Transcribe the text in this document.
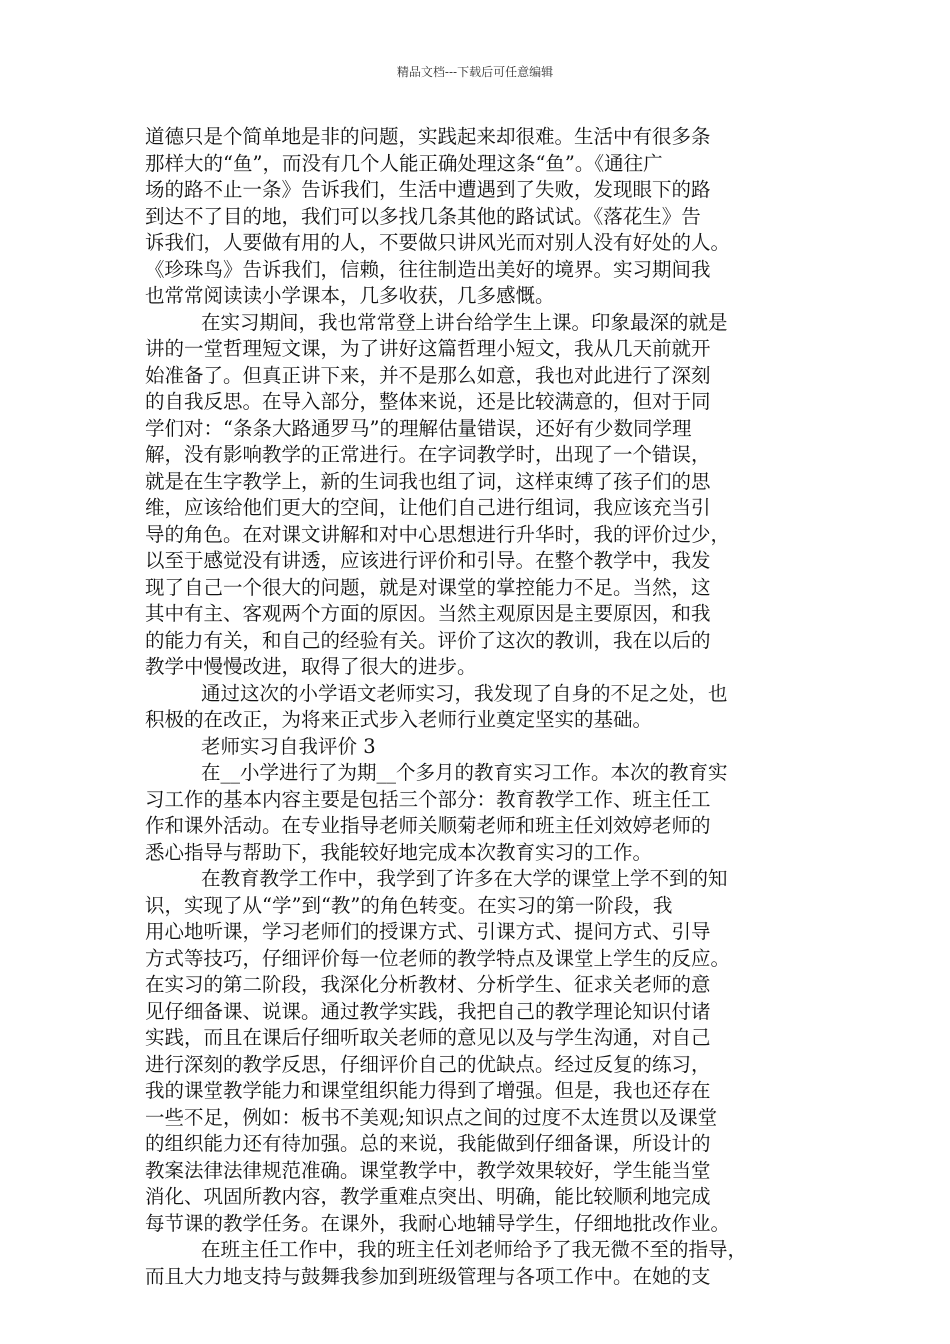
精品文档---下载后可任意编辑
道德只是个简单地是非的问题，实践起来却很难。生活中有很多条
那样大的“鱼”，而没有几个人能正确处理这条“鱼”。《通往广
场的路不止一条》告诉我们，生活中遭遇到了失败，发现眼下的路
到达不了目的地，我们可以多找几条其他的路试试。《落花生》告
诉我们，人要做有用的人，不要做只讲风光而对别人没有好处的人。
《珍珠鸟》告诉我们，信赖，往往制造出美好的境界。实习期间我
也常常阅读读小学课本，几多收获，几多感慨。
在实习期间，我也常常登上讲台给学生上课。印象最深的就是
讲的一堂哲理短文课，为了讲好这篇哲理小短文，我从几天前就开
始准备了。但真正讲下来，并不是那么如意，我也对此进行了深刻
的自我反思。在导入部分，整体来说，还是比较满意的，但对于同
学们对：“条条大路通罗马”的理解估量错误，还好有少数同学理
解，没有影响教学的正常进行。在字词教学时，出现了一个错误，
就是在生字教学上，新的生词我也组了词，这样束缚了孩子们的思
维，应该给他们更大的空间，让他们自己进行组词，我应该充当引
导的角色。在对课文讲解和对中心思想进行升华时，我的评价过少，
以至于感觉没有讲透，应该进行评价和引导。在整个教学中，我发
现了自己一个很大的问题，就是对课堂的掌控能力不足。当然，这
其中有主、客观两个方面的原因。当然主观原因是主要原因，和我
的能力有关，和自己的经验有关。评价了这次的教训，我在以后的
教学中慢慢改进，取得了很大的进步。
通过这次的小学语文老师实习，我发现了自身的不足之处，也
积极的在改正，为将来正式步入老师行业奠定坚实的基础。
老师实习自我评价 3
在__小学进行了为期__个多月的教育实习工作。本次的教育实
习工作的基本内容主要是包括三个部分：教育教学工作、班主任工
作和课外活动。在专业指导老师关顺菊老师和班主任刘效婷老师的
悉心指导与帮助下，我能较好地完成本次教育实习的工作。
在教育教学工作中，我学到了许多在大学的课堂上学不到的知
识，实现了从“学”到“教”的角色转变。在实习的第一阶段，我
用心地听课，学习老师们的授课方式、引课方式、提问方式、引导
方式等技巧，仔细评价每一位老师的教学特点及课堂上学生的反应。
在实习的第二阶段，我深化分析教材、分析学生、征求关老师的意
见仔细备课、说课。通过教学实践，我把自己的教学理论知识付诸
实践，而且在课后仔细听取关老师的意见以及与学生沟通，对自己
进行深刻的教学反思，仔细评价自己的优缺点。经过反复的练习，
我的课堂教学能力和课堂组织能力得到了增强。但是，我也还存在
一些不足，例如：板书不美观;知识点之间的过度不太连贯以及课堂
的组织能力还有待加强。总的来说，我能做到仔细备课，所设计的
教案法律法律规范准确。课堂教学中，教学效果较好，学生能当堂
消化、巩固所教内容，教学重难点突出、明确，能比较顺利地完成
每节课的教学任务。在课外，我耐心地辅导学生，仔细地批改作业。
在班主任工作中，我的班主任刘老师给予了我无微不至的指导，
而且大力地支持与鼓舞我参加到班级管理与各项工作中。在她的支
